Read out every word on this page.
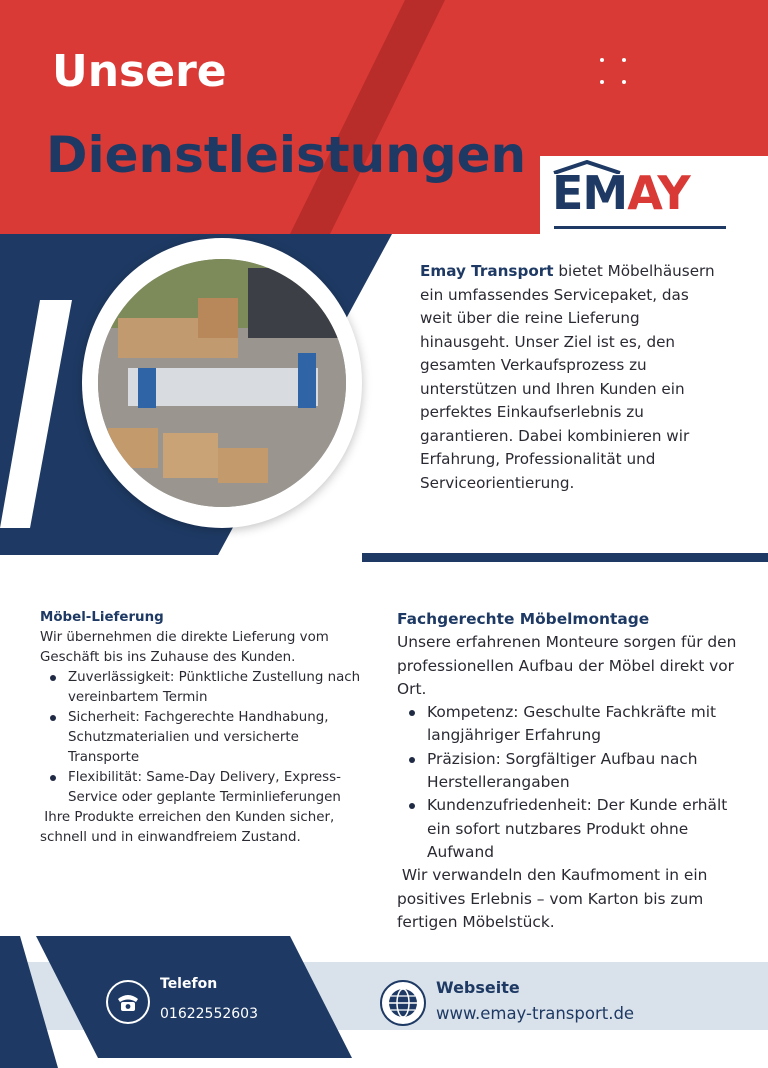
Unsere
Dienstleistungen
EMAY

Emay Transport bietet Möbelhäusern ein umfassendes Servicepaket, das weit über die reine Lieferung hinausgeht. Unser Ziel ist es, den gesamten Verkaufsprozess zu unterstützen und Ihren Kunden ein perfektes Einkaufserlebnis zu garantieren. Dabei kombinieren wir Erfahrung, Professionalität und Serviceorientierung.

Möbel-Lieferung

Wir übernehmen die direkte Lieferung vom Geschäft bis ins Zuhause des Kunden.

Zuverlässigkeit: Pünktliche Zustellung nach vereinbartem Termin
Sicherheit: Fachgerechte Handhabung, Schutzmaterialien und versicherte Transporte
Flexibilität: Same-Day Delivery, Express-Service oder geplante Terminlieferungen

Ihre Produkte erreichen den Kunden sicher, schnell und in einwandfreiem Zustand.

Fachgerechte Möbelmontage

Unsere erfahrenen Monteure sorgen für den professionellen Aufbau der Möbel direkt vor Ort.

Kompetenz: Geschulte Fachkräfte mit langjähriger Erfahrung
Präzision: Sorgfältiger Aufbau nach Herstellerangaben
Kundenzufriedenheit: Der Kunde erhält ein sofort nutzbares Produkt ohne Aufwand

Wir verwandeln den Kaufmoment in ein positives Erlebnis – vom Karton bis zum fertigen Möbelstück.

Telefon

01622552603

Webseite

www.emay-transport.de
